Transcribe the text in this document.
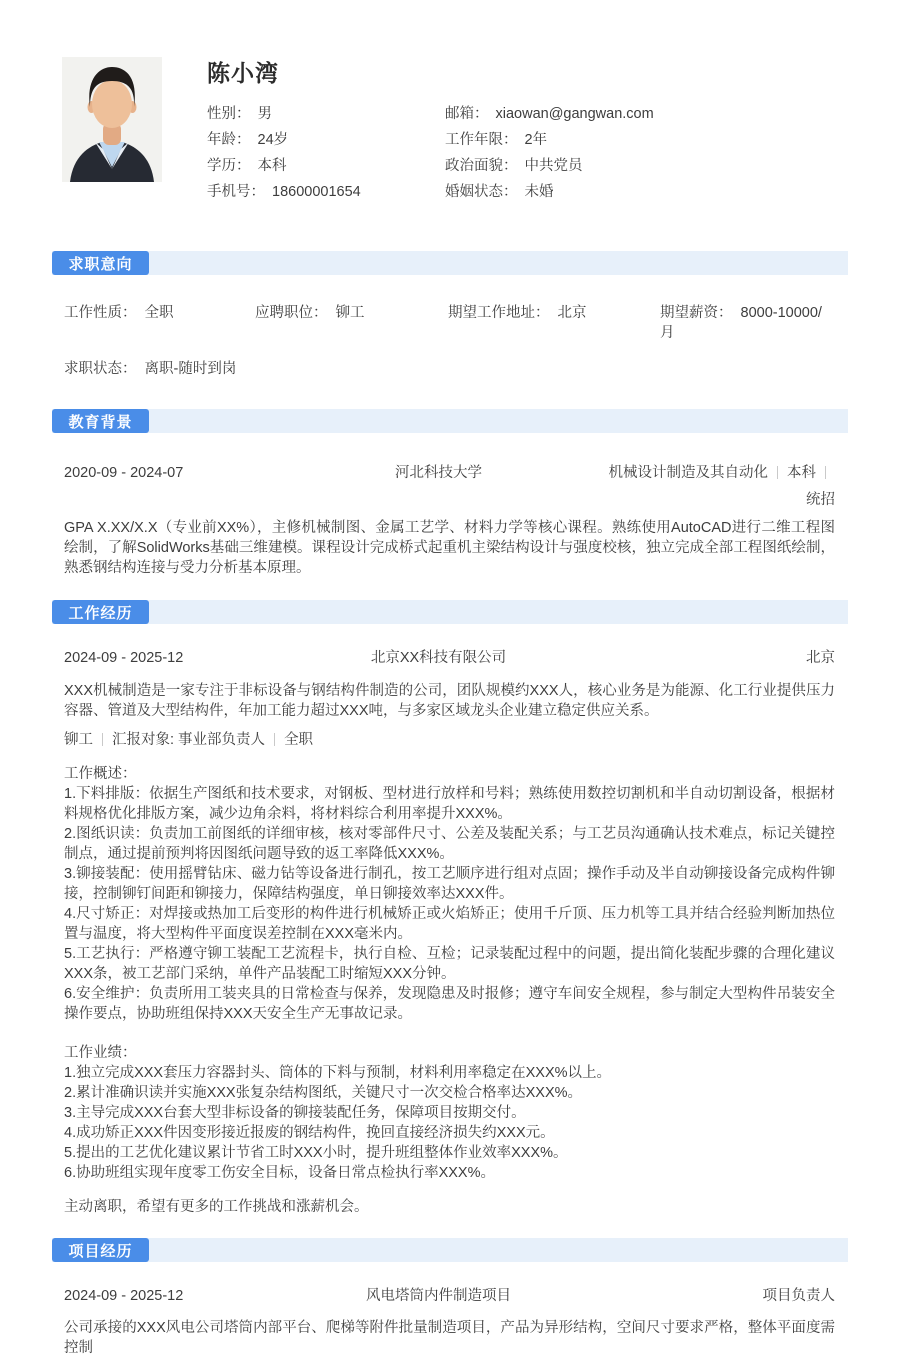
陈小湾
性别： 男
年龄： 24岁
学历： 本科
手机号： 18600001654
邮箱： xiaowan@gangwan.com
工作年限： 2年
政治面貌： 中共党员
婚姻状态： 未婚
求职意向
工作性质： 全职	应聘职位： 铆工	期望工作地址： 北京	期望薪资： 8000-10000/月
求职状态： 离职-随时到岗
教育背景
2020-09 - 2024-07	河北科技大学	机械设计制造及其自动化 本科统招

GPA X.XX/X.X（专业前XX%），主修机械制图、金属工艺学、材料力学等核心课程。熟练使用AutoCAD进行二维工程图绘制，了解SolidWorks基础三维建模。课程设计完成桥式起重机主梁结构设计与强度校核，独立完成全部工程图纸绘制，熟悉钢结构连接与受力分析基本原理。

工作经历
2024-09 - 2025-12	北京XX科技有限公司	北京

XXX机械制造是一家专注于非标设备与钢结构件制造的公司，团队规模约XXX人，核心业务是为能源、化工行业提供压力容器、管道及大型结构件，年加工能力超过XXX吨，与多家区域龙头企业建立稳定供应关系。

铆工 汇报对象: 事业部负责人 全职

工作概述：

1.下料排版：依据生产图纸和技术要求，对钢板、型材进行放样和号料；熟练使用数控切割机和半自动切割设备，根据材料规格优化排版方案，减少边角余料，将材料综合利用率提升XXX%。

2.图纸识读：负责加工前图纸的详细审核，核对零部件尺寸、公差及装配关系；与工艺员沟通确认技术难点，标记关键控制点，通过提前预判将因图纸问题导致的返工率降低XXX%。

3.铆接装配：使用摇臂钻床、磁力钻等设备进行制孔，按工艺顺序进行组对点固；操作手动及半自动铆接设备完成构件铆接，控制铆钉间距和铆接力，保障结构强度，单日铆接效率达XXX件。

4.尺寸矫正：对焊接或热加工后变形的构件进行机械矫正或火焰矫正；使用千斤顶、压力机等工具并结合经验判断加热位置与温度，将大型构件平面度误差控制在XXX毫米内。

5.工艺执行：严格遵守铆工装配工艺流程卡，执行自检、互检；记录装配过程中的问题，提出简化装配步骤的合理化建议XXX条，被工艺部门采纳，单件产品装配工时缩短XXX分钟。

6.安全维护：负责所用工装夹具的日常检查与保养，发现隐患及时报修；遵守车间安全规程，参与制定大型构件吊装安全操作要点，协助班组保持XXX天安全生产无事故记录。

工作业绩：

1.独立完成XXX套压力容器封头、筒体的下料与预制，材料利用率稳定在XXX%以上。

2.累计准确识读并实施XXX张复杂结构图纸，关键尺寸一次交检合格率达XXX%。

3.主导完成XXX台套大型非标设备的铆接装配任务，保障项目按期交付。

4.成功矫正XXX件因变形接近报废的钢结构件，挽回直接经济损失约XXX元。

5.提出的工艺优化建议累计节省工时XXX小时，提升班组整体作业效率XXX%。

6.协助班组实现年度零工伤安全目标，设备日常点检执行率XXX%。

主动离职，希望有更多的工作挑战和涨薪机会。

项目经历
2024-09 - 2025-12	风电塔筒内件制造项目	项目负责人

公司承接的XXX风电公司塔筒内部平台、爬梯等附件批量制造项目，产品为异形结构，空间尺寸要求严格，整体平面度需控制
